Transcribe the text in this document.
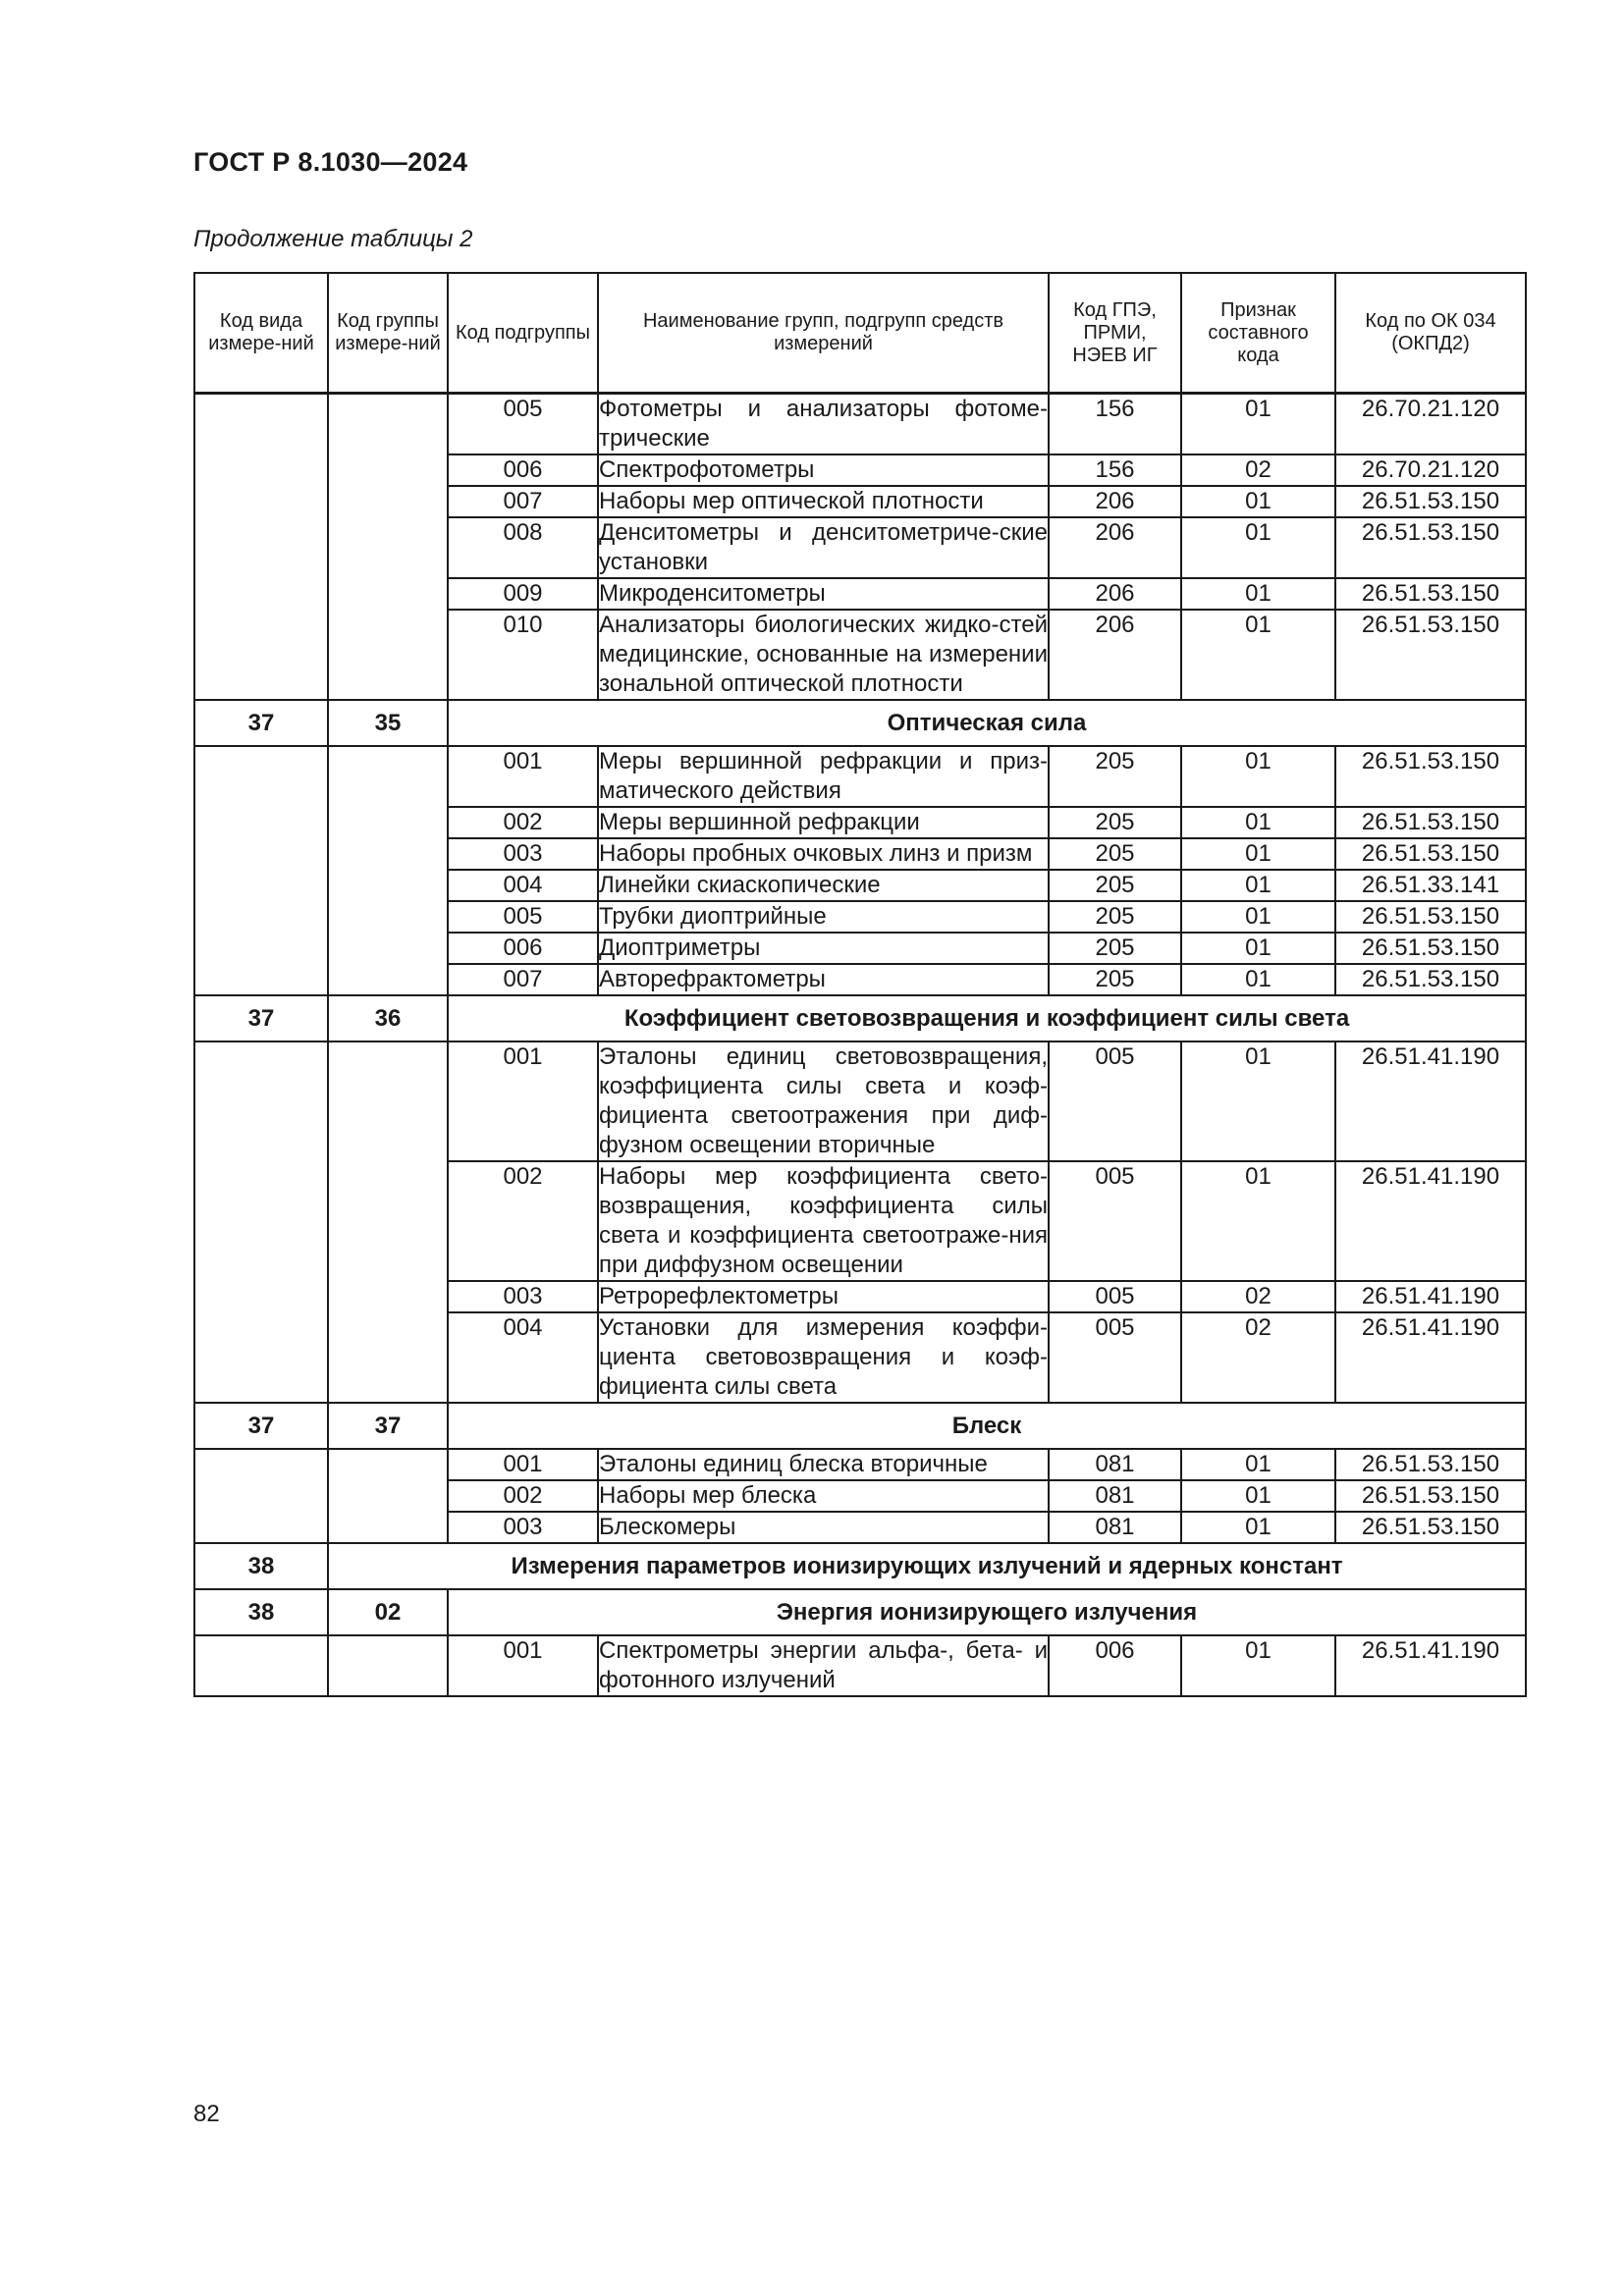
ГОСТ Р 8.1030—2024
Продолжение таблицы 2
Код вида измере-ний	Код группы измере-ний	Код подгруппы	Наименование групп, подгрупп средств измерений	Код ГПЭ, ПРМИ, НЭЕВ ИГ	Признак составного кода	Код по ОК 034 (ОКПД2)
		005	Фотометры и анализаторы фотоме-трические	156	01	26.70.21.120
		006	Спектрофотометры	156	02	26.70.21.120
		007	Наборы мер оптической плотности	206	01	26.51.53.150
		008	Денситометры и денситометриче-ские установки	206	01	26.51.53.150
		009	Микроденситометры	206	01	26.51.53.150
		010	Анализаторы биологических жидко-стей медицинские, основанные на измерении зональной оптической плотности	206	01	26.51.53.150
37	35	Оптическая сила				
		001	Меры вершинной рефракции и приз-матического действия	205	01	26.51.53.150
		002	Меры вершинной рефракции	205	01	26.51.53.150
		003	Наборы пробных очковых линз и призм	205	01	26.51.53.150
		004	Линейки скиаскопические	205	01	26.51.33.141
		005	Трубки диоптрийные	205	01	26.51.53.150
		006	Диоптриметры	205	01	26.51.53.150
		007	Авторефрактометры	205	01	26.51.53.150
37	36	Коэффициент световозвращения и коэффициент силы света				
		001	Эталоны единиц световозвращения, коэффициента силы света и коэф-фициента светоотражения при диф-фузном освещении вторичные	005	01	26.51.41.190
		002	Наборы мер коэффициента свето-возвращения, коэффициента силы света и коэффициента светоотраже-ния при диффузном освещении	005	01	26.51.41.190
		003	Ретрорефлектометры	005	02	26.51.41.190
		004	Установки для измерения коэффи-циента световозвращения и коэф-фициента силы света	005	02	26.51.41.190
37	37	Блеск				
		001	Эталоны единиц блеска вторичные	081	01	26.51.53.150
		002	Наборы мер блеска	081	01	26.51.53.150
		003	Блескомеры	081	01	26.51.53.150
38	Измерения параметров ионизирующих излучений и ядерных констант					
38	02	Энергия ионизирующего излучения				
		001	Спектрометры энергии альфа-, бета- и фотонного излучений	006	01	26.51.41.190
82
